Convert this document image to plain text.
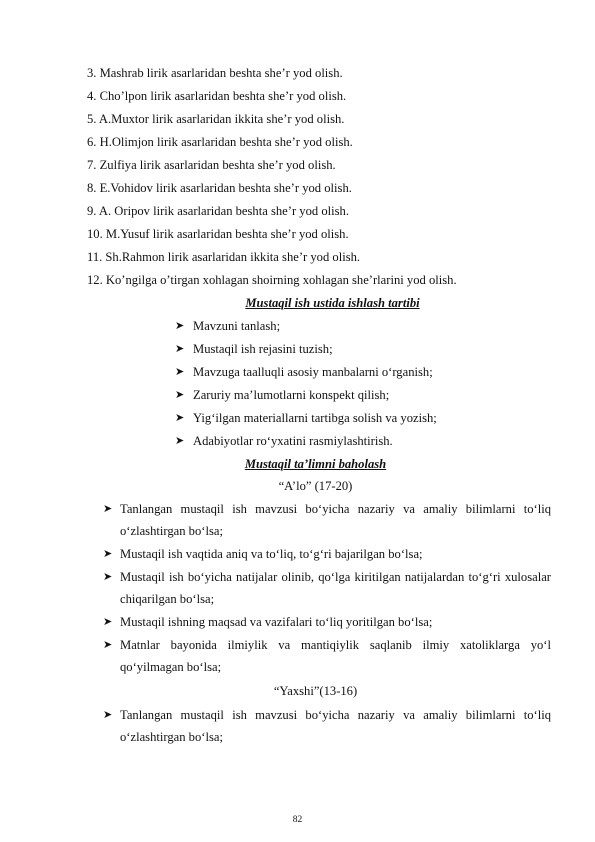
3. Mashrab lirik asarlaridan beshta she’r yod olish.
4. Cho’lpon lirik asarlaridan beshta she’r yod olish.
5. A.Muxtor lirik asarlaridan ikkita she’r yod olish.
6. H.Olimjon lirik asarlaridan beshta she’r yod olish.
7. Zulfiya lirik asarlaridan beshta she’r yod olish.
8. E.Vohidov lirik asarlaridan beshta she’r yod olish.
9. A. Oripov lirik asarlaridan beshta she’r yod olish.
10. M.Yusuf lirik asarlaridan beshta she’r yod olish.
11. Sh.Rahmon lirik asarlaridan ikkita she’r yod olish.
12. Ko’ngilga o’tirgan xohlagan shoirning xohlagan she’rlarini yod olish.
Mustaqil ish ustida ishlash tartibi
➤ Mavzuni tanlash;
➤ Mustaqil ish rejasini tuzish;
➤ Mavzuga taalluqli asosiy manbalarni o‘rganish;
➤ Zaruriy ma’lumotlarni konspekt qilish;
➤ Yig‘ilgan materiallarni tartibga solish va yozish;
➤ Adabiyotlar ro‘yxatini rasmiylashtirish.
Mustaqil ta’limni baholash
“A’lo” (17-20)
➤ Tanlangan mustaqil ish mavzusi bo‘yicha nazariy va amaliy bilimlarni to‘liq o‘zlashtirgan bo‘lsa;
➤ Mustaqil ish vaqtida aniq va to‘liq, to‘g‘ri bajarilgan bo‘lsa;
➤ Mustaqil ish bo‘yicha natijalar olinib, qo‘lga kiritilgan natijalardan to‘g‘ri xulosalar chiqarilgan bo‘lsa;
➤ Mustaqil ishning maqsad va vazifalari to‘liq yoritilgan bo‘lsa;
➤ Matnlar bayonida ilmiylik va mantiqiylik saqlanib ilmiy xatoliklarga yo‘l qo‘yilmagan bo‘lsa;
“Yaxshi”(13-16)
➤ Tanlangan mustaqil ish mavzusi bo‘yicha nazariy va amaliy bilimlarni to‘liq o‘zlashtirgan bo‘lsa;
82
